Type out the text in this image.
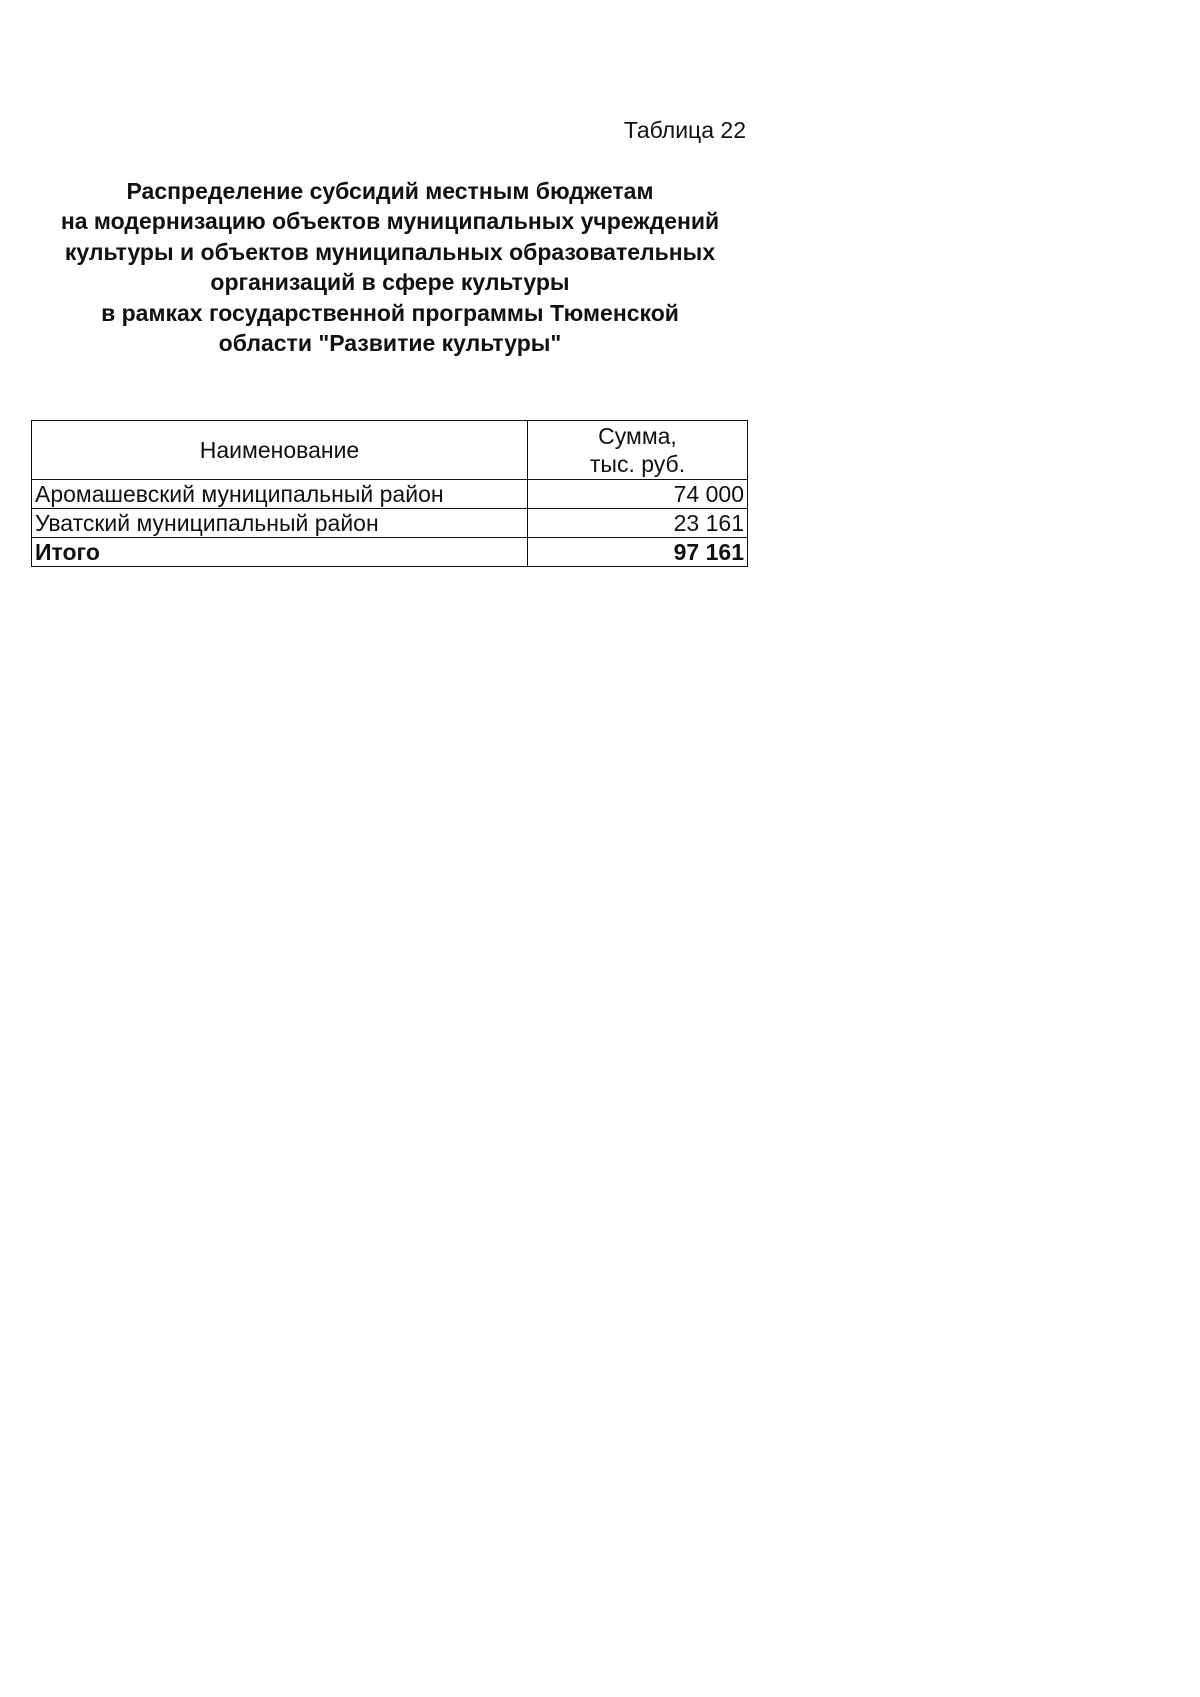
Таблица 22
Распределение субсидий местным бюджетам
на модернизацию объектов муниципальных учреждений
культуры и объектов муниципальных образовательных
организаций в сфере культуры
в рамках государственной программы Тюменской
области "Развитие культуры"
Наименование	Сумма,
тыс. руб.

Аромашевский муниципальный район	74 000
Уватский муниципальный район	23 161
Итого	97 161
